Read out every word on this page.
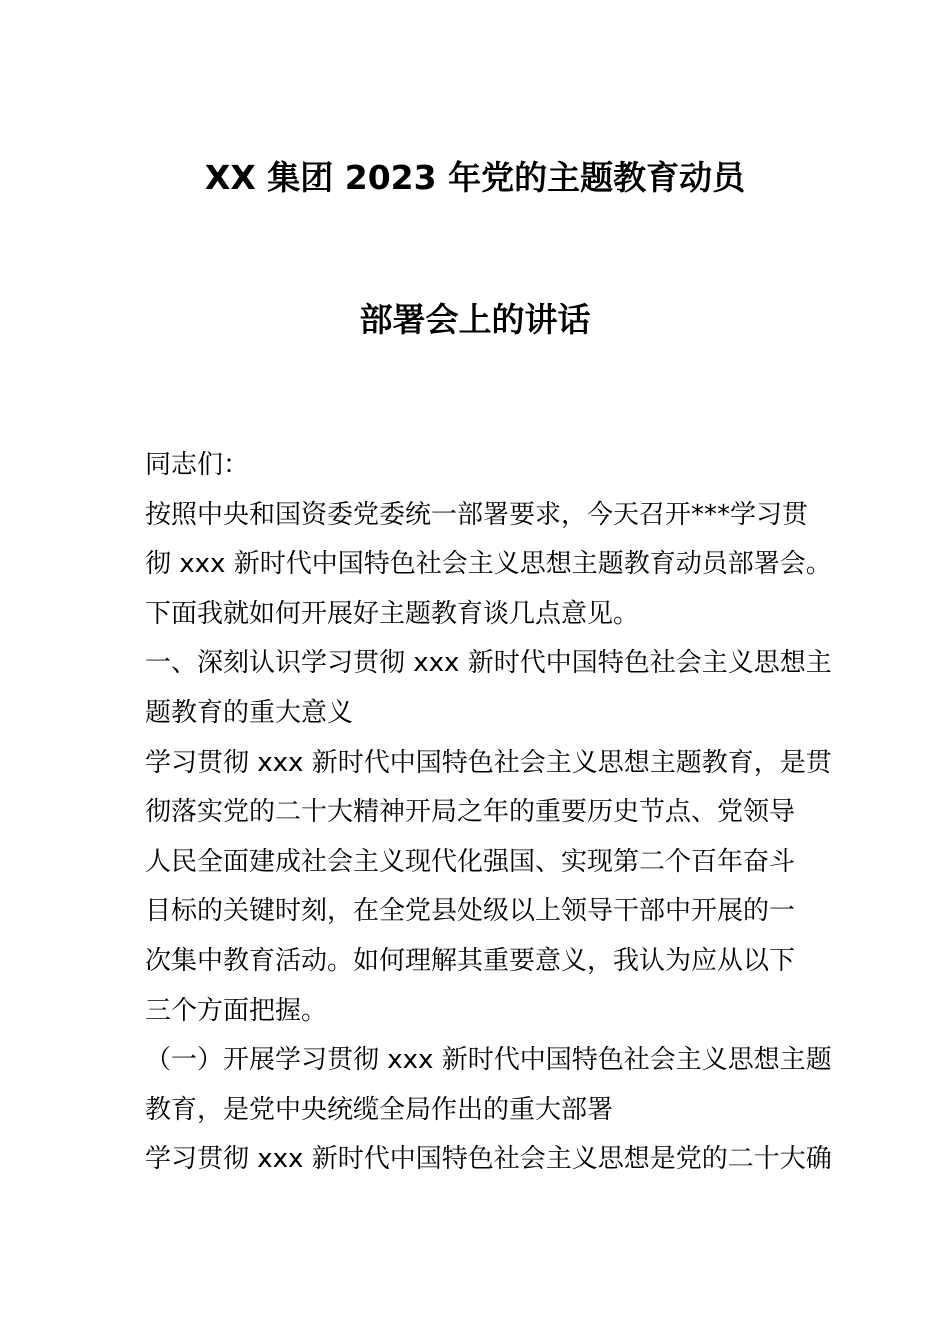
XX 集团 2023 年党的主题教育动员
部署会上的讲话
同志们：
按照中央和国资委党委统一部署要求，今天召开***学习贯
彻 xxx 新时代中国特色社会主义思想主题教育动员部署会。
下面我就如何开展好主题教育谈几点意见。
一、深刻认识学习贯彻 xxx 新时代中国特色社会主义思想主
题教育的重大意义
学习贯彻 xxx 新时代中国特色社会主义思想主题教育，是贯
彻落实党的二十大精神开局之年的重要历史节点、党领导
人民全面建成社会主义现代化强国、实现第二个百年奋斗
目标的关键时刻，在全党县处级以上领导干部中开展的一
次集中教育活动。如何理解其重要意义，我认为应从以下
三个方面把握。
（一）开展学习贯彻 xxx 新时代中国特色社会主义思想主题
教育，是党中央统缆全局作出的重大部署
学习贯彻 xxx 新时代中国特色社会主义思想是党的二十大确
